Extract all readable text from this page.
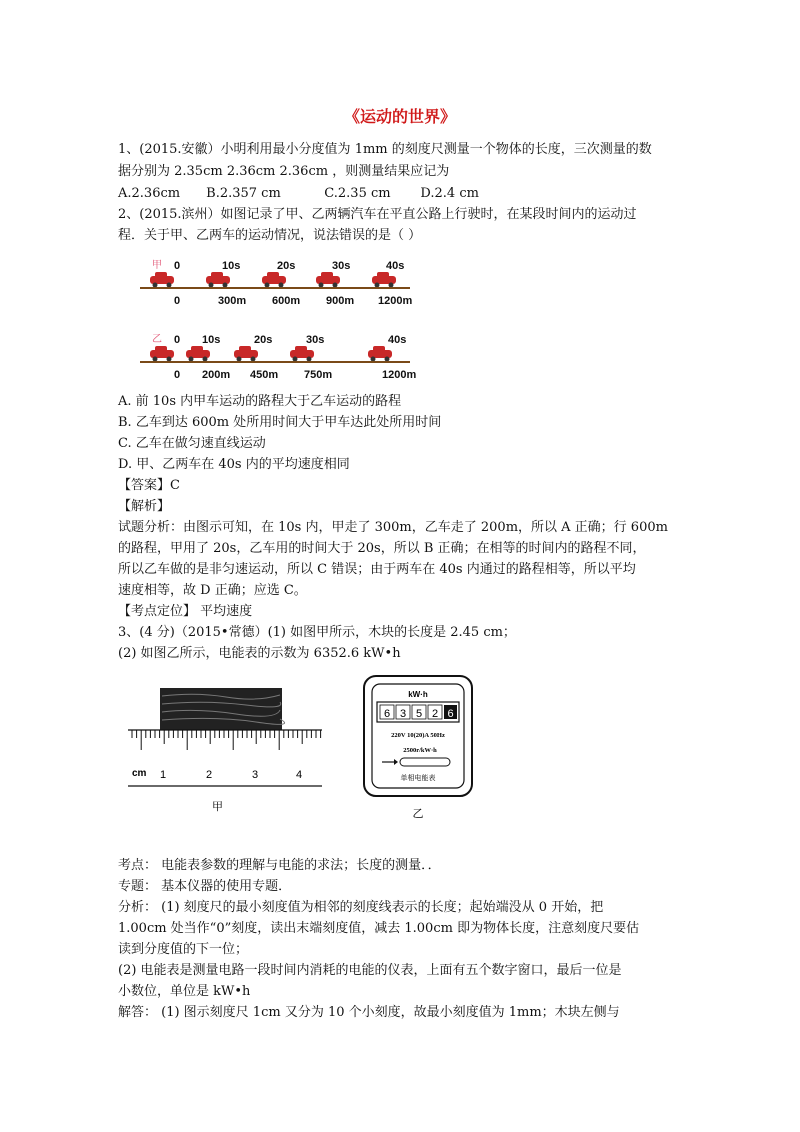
《运动的世界》
1、(2015.安徽）小明利用最小分度值为 1mm 的刻度尺测量一个物体的长度，三次测量的数
据分别为 2.35cm 2.36cm 2.36cm ，则测量结果应记为
A.2.36cm B.2.357 cm	C.2.35 cm D.2.4 cm
2、(2015.滨州）如图记录了甲、乙两辆汽车在平直公路上行驶时，在某段时间内的运动过
程．关于甲、乙两车的运动情况，说法错误的是（ ）
甲 0	10s	20s	30s	40s
0	300m 600m 900m 1200m
乙 0 10s	20s	30s	40s
0 200m 450m 750m	1200m
A. 前 10s 内甲车运动的路程大于乙车运动的路程
B. 乙车到达 600m 处所用时间大于甲车达此处所用时间
C. 乙车在做匀速直线运动
D. 甲、乙两车在 40s 内的平均速度相同
【答案】C
【解析】
试题分析：由图示可知，在 10s 内，甲走了 300m，乙车走了 200m，所以 A 正确；行 600m
的路程，甲用了 20s，乙车用的时间大于 20s，所以 B 正确；在相等的时间内的路程不同，
所以乙车做的是非匀速运动，所以 C 错误；由于两车在 40s 内通过的路程相等，所以平均
速度相等，故 D 正确；应选 C。
【考点定位】 平均速度
3、(4 分)（2015•常德）(1) 如图甲所示，木块的长度是 2.45 cm；
(2) 如图乙所示，电能表的示数为 6352.6 kW•h
cm 1	2	3	4
甲
kW·h
6 3 5 2 6
220V 10(20)A 50Hz
2500r/kW·h
单相电能表
乙
考点： 电能表参数的理解与电能的求法；长度的测量．．
专题： 基本仪器的使用专题．
分析： (1) 刻度尺的最小刻度值为相邻的刻度线表示的长度；起始端没从 0 开始，把
1.00cm 处当作“0”刻度，读出末端刻度值，减去 1.00cm 即为物体长度，注意刻度尺要估
读到分度值的下一位；
(2) 电能表是测量电路一段时间内消耗的电能的仪表，上面有五个数字窗口，最后一位是
小数位，单位是 kW•h
解答： (1) 图示刻度尺 1cm 又分为 10 个小刻度，故最小刻度值为 1mm；木块左侧与
